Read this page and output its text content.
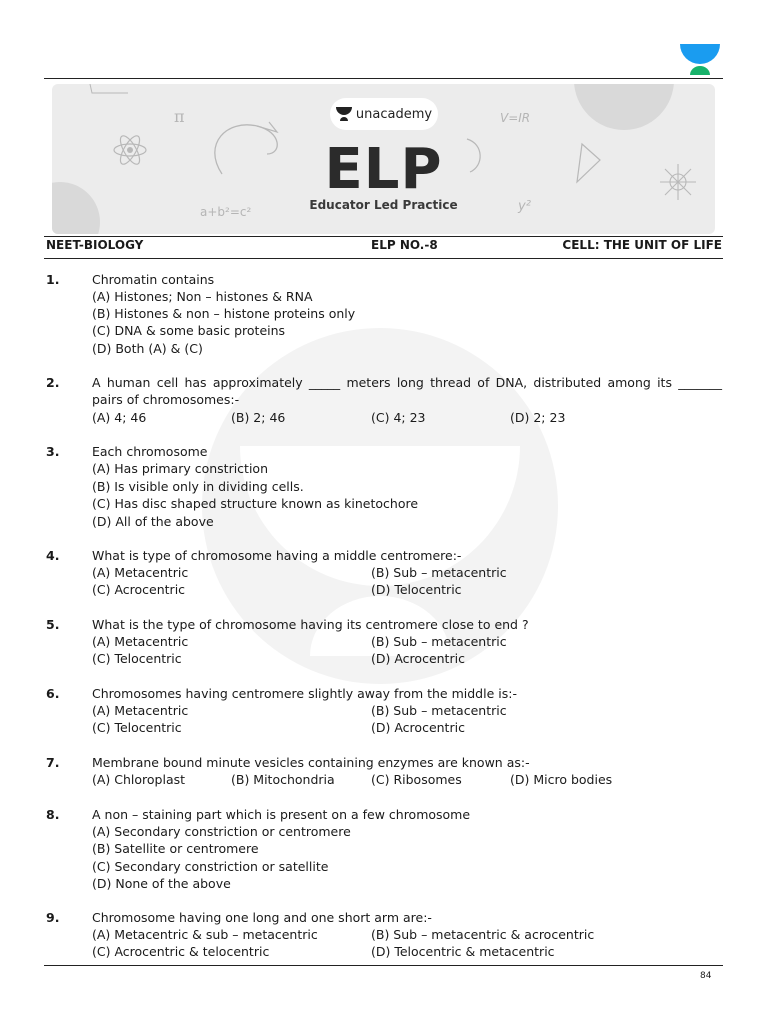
π	V=IR
a+b²=c²	y²
unacademy
ELP
Educator Led Practice
NEET-BIOLOGY	ELP NO.-8	CELL: THE UNIT OF LIFE
1.	Chromatin contains
(A) Histones; Non – histones & RNA
(B) Histones & non – histone proteins only
(C) DNA & some basic proteins
(D) Both (A) & (C)
2.	A human cell has approximately _____ meters long thread of DNA, distributed among its _______ pairs of chromosomes:-
(A) 4; 46	(B) 2; 46	(C) 4; 23	(D) 2; 23
3.	Each chromosome
(A) Has primary constriction
(B) Is visible only in dividing cells.
(C) Has disc shaped structure known as kinetochore
(D) All of the above
4.	What is type of chromosome having a middle centromere:-
(A) Metacentric	(B) Sub – metacentric
(C) Acrocentric	(D) Telocentric
5.	What is the type of chromosome having its centromere close to end ?
(A) Metacentric	(B) Sub – metacentric
(C) Telocentric	(D) Acrocentric
6.	Chromosomes having centromere slightly away from the middle is:-
(A) Metacentric	(B) Sub – metacentric
(C) Telocentric	(D) Acrocentric
7.	Membrane bound minute vesicles containing enzymes are known as:-
(A) Chloroplast	(B) Mitochondria	(C) Ribosomes	(D) Micro bodies
8.	A non – staining part which is present on a few chromosome
(A) Secondary constriction or centromere
(B) Satellite or centromere
(C) Secondary constriction or satellite
(D) None of the above
9.	Chromosome having one long and one short arm are:-
(A) Metacentric & sub – metacentric	(B) Sub – metacentric & acrocentric
(C) Acrocentric & telocentric	(D) Telocentric & metacentric
84
